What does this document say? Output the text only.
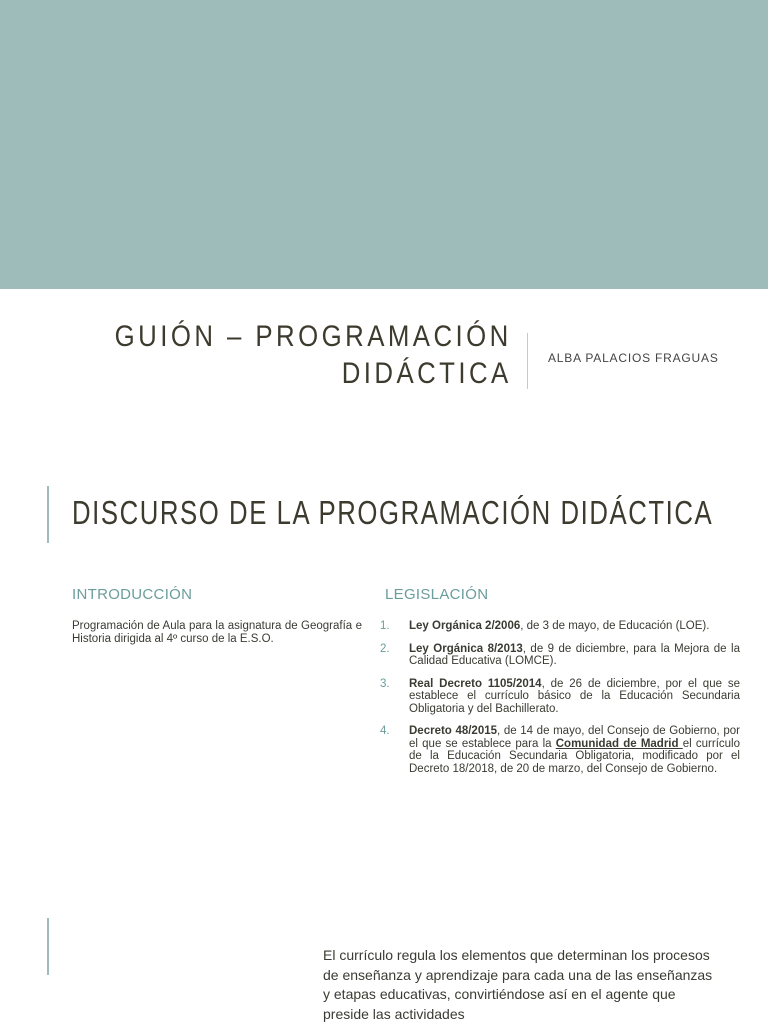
GUIÓN – PROGRAMACIÓN
DIDÁCTICA	ALBA PALACIOS FRAGUAS
DISCURSO DE LA PROGRAMACIÓN DIDÁCTICA
INTRODUCCIÓN
Programación de Aula para la asignatura de Geografía e Historia dirigida al 4º curso de la E.S.O.
LEGISLACIÓN
1. Ley Orgánica 2/2006, de 3 de mayo, de Educación (LOE).
2. Ley Orgánica 8/2013, de 9 de diciembre, para la Mejora de la Calidad Educativa (LOMCE).
3. Real Decreto 1105/2014, de 26 de diciembre, por el que se establece el currículo básico de la Educación Secundaria Obligatoria y del Bachillerato.
4. Decreto 48/2015, de 14 de mayo, del Consejo de Gobierno, por el que se establece para la Comunidad de Madrid el currículo de la Educación Secundaria Obligatoria, modificado por el Decreto 18/2018, de 20 de marzo, del Consejo de Gobierno.
El currículo regula los elementos que determinan los procesos de enseñanza y aprendizaje para cada una de las enseñanzas y etapas educativas, convirtiéndose así en el agente que preside las actividades
